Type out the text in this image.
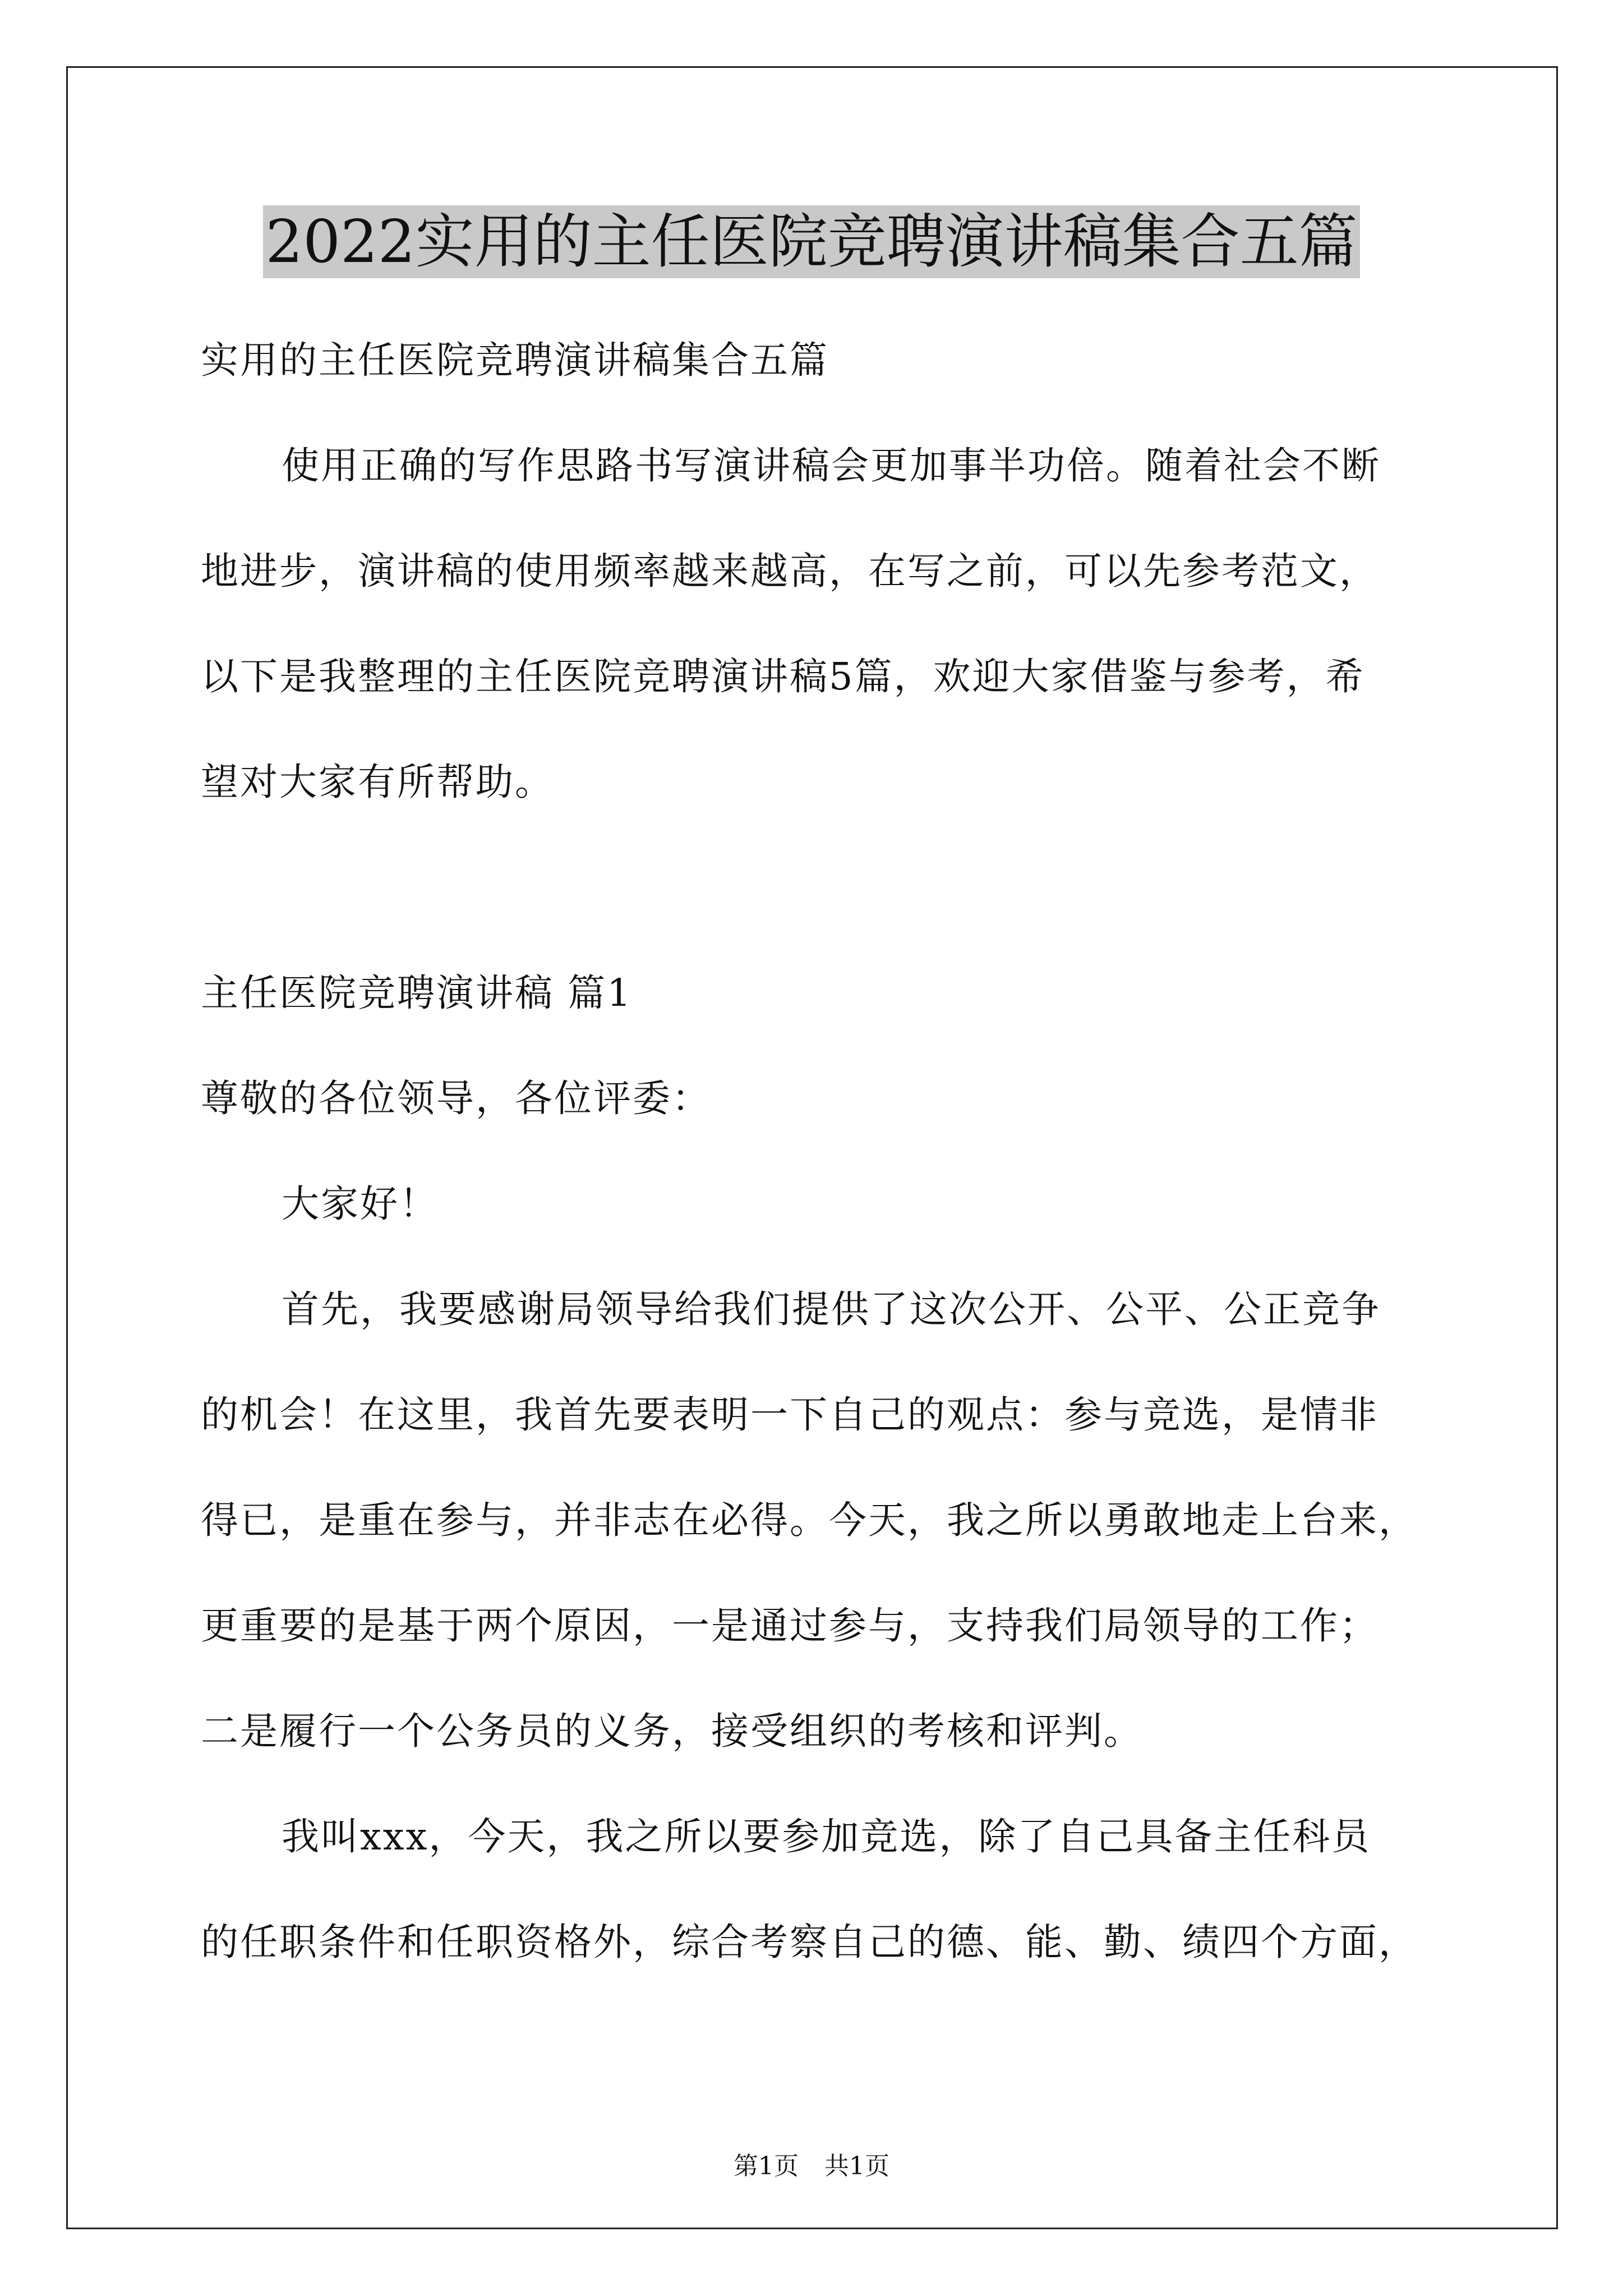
2022实用的主任医院竞聘演讲稿集合五篇
实用的主任医院竞聘演讲稿集合五篇
使用正确的写作思路书写演讲稿会更加事半功倍。随着社会不断
地进步，演讲稿的使用频率越来越高，在写之前，可以先参考范文，
以下是我整理的主任医院竞聘演讲稿5篇，欢迎大家借鉴与参考，希
望对大家有所帮助。
主任医院竞聘演讲稿 篇1
尊敬的各位领导，各位评委：
大家好！
首先，我要感谢局领导给我们提供了这次公开、公平、公正竞争
的机会！在这里，我首先要表明一下自己的观点：参与竞选，是情非
得已，是重在参与，并非志在必得。今天，我之所以勇敢地走上台来，
更重要的是基于两个原因，一是通过参与，支持我们局领导的工作；
二是履行一个公务员的义务，接受组织的考核和评判。
我叫xxx，今天，我之所以要参加竞选，除了自己具备主任科员
的任职条件和任职资格外，综合考察自己的德、能、勤、绩四个方面，
第1页 共1页
